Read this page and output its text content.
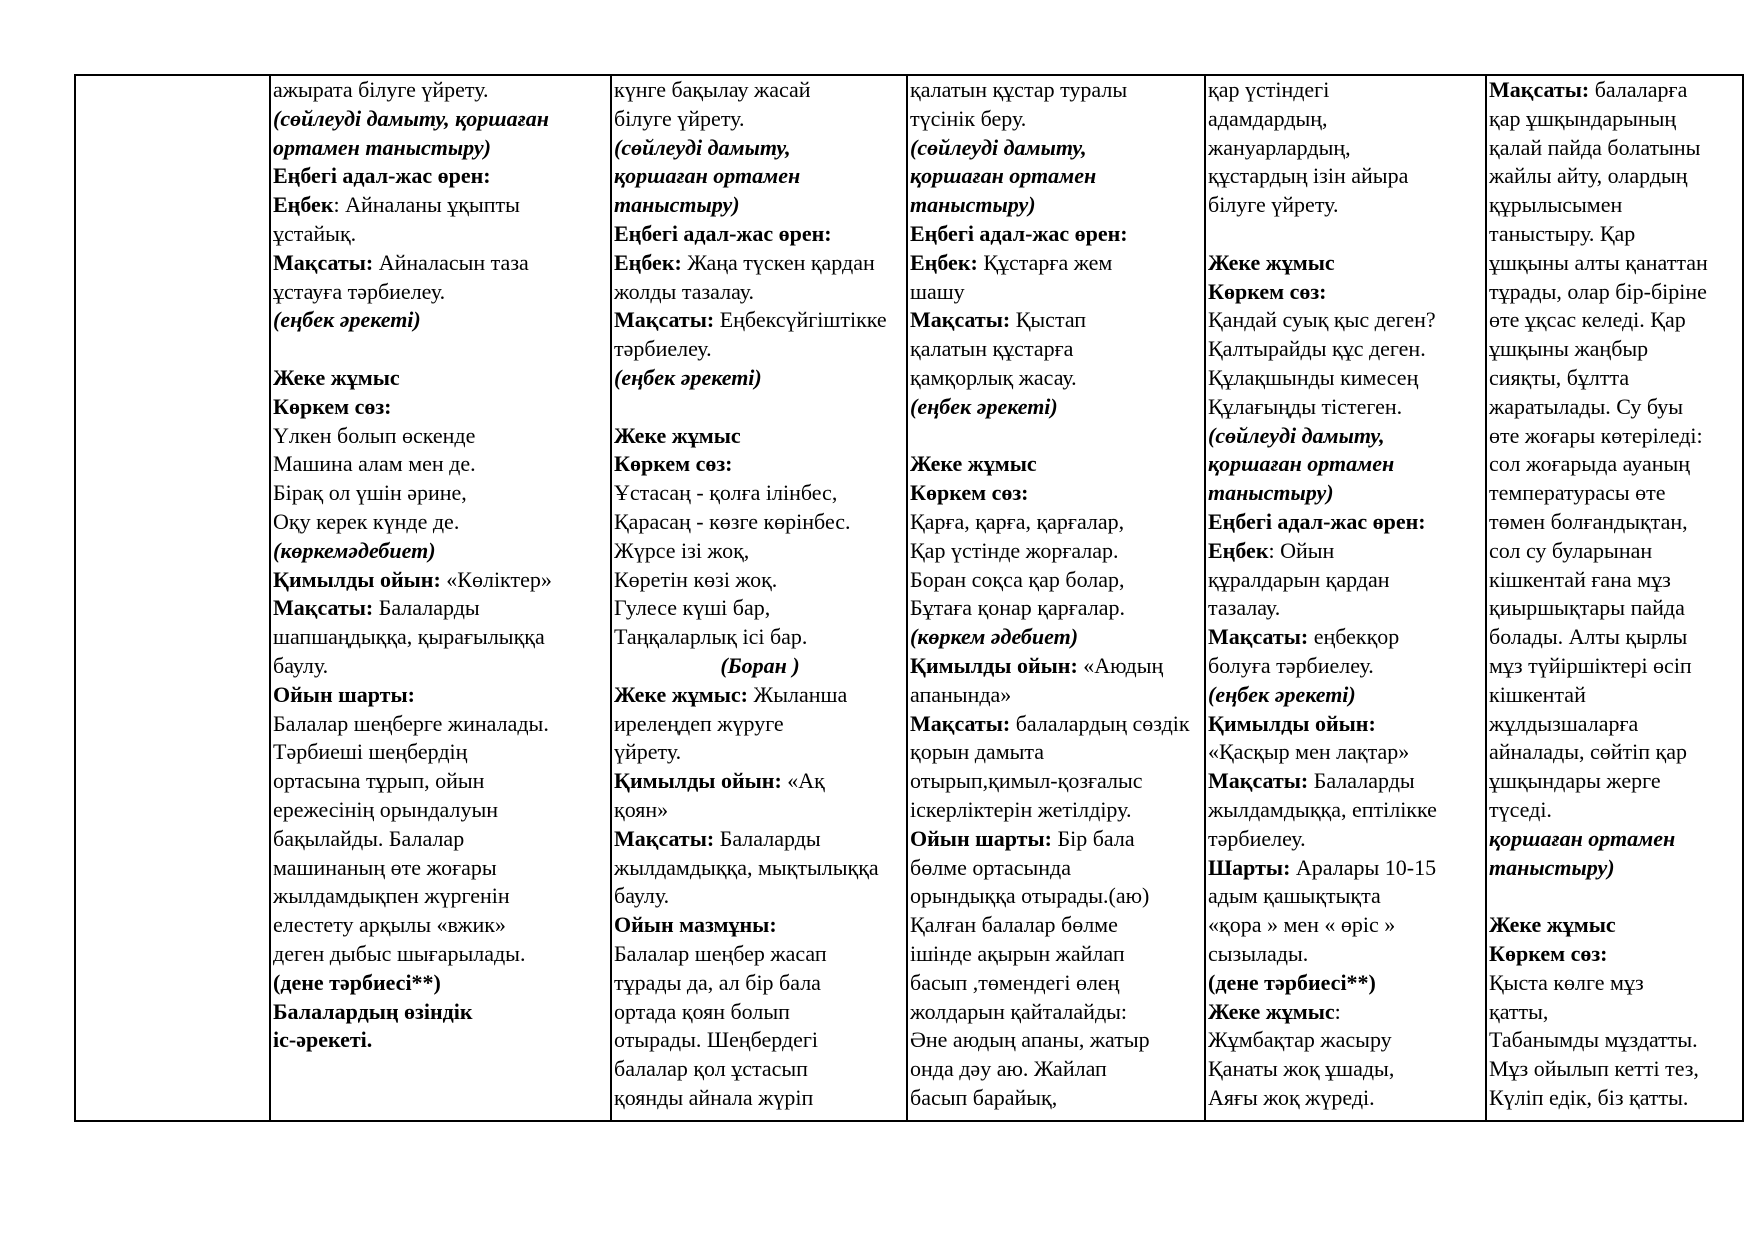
ажырата білуге үйрету.
(сөйлеуді дамыту, қоршаған
ортамен таныстыру)
Еңбегі адал-жас өрен:
Еңбек: Айналаны ұқыпты
ұстайық.
Мақсаты: Айналасын таза
ұстауға тәрбиелеу.
(еңбек әрекеті)
Жеке жұмыс
Көркем сөз:
Үлкен болып өскенде
Машина алам мен де.
Бірақ ол үшін әрине,
Оқу керек күнде де.
(көркемәдебиет)
Қимылды ойын: «Көліктер»
Мақсаты: Балаларды
шапшаңдыққа, қырағылыққа
баулу.
Ойын шарты:
Балалар шеңберге жиналады.
Тәрбиеші шеңбердің
ортасына тұрып, ойын
ережесінің орындалуын
бақылайды. Балалар
машинаның өте жоғары
жылдамдықпен жүргенін
елестету арқылы «вжик»
деген дыбыс шығарылады.
(дене тәрбиесі**)
Балалардың өзіндік
іс-әрекеті.
күнге бақылау жасай
білуге үйрету.
(сөйлеуді дамыту,
қоршаған ортамен
таныстыру)
Еңбегі адал-жас өрен:
Еңбек: Жаңа түскен қардан
жолды тазалау.
Мақсаты: Еңбексүйгіштікке
тәрбиелеу.
(еңбек әрекеті)
Жеке жұмыс
Көркем сөз:
Ұстасаң - қолға ілінбес,
Қарасаң - көзге көрінбес.
Жүрсе ізі жоқ,
Көретін көзі жоқ.
Гулесе күші бар,
Таңқаларлық ісі бар.
(Боран )
Жеке жұмыс: Жыланша
ирелеңдеп жүруге
үйрету.
Қимылды ойын: «Ақ
қоян»
Мақсаты: Балаларды
жылдамдыққа, мықтылыққа
баулу.
Ойын мазмұны:
Балалар шеңбер жасап
тұрады да, ал бір бала
ортада қоян болып
отырады. Шеңбердегі
балалар қол ұстасып
қоянды айнала жүріп
қалатын құстар туралы
түсінік беру.
(сөйлеуді дамыту,
қоршаған ортамен
таныстыру)
Еңбегі адал-жас өрен:
Еңбек: Құстарға жем
шашу
Мақсаты: Қыстап
қалатын құстарға
қамқорлық жасау.
(еңбек әрекеті)
Жеке жұмыс
Көркем сөз:
Қарға, қарға, қарғалар,
Қар үстінде жорғалар.
Боран соқса қар болар,
Бұтаға қонар қарғалар.
(көркем әдебиет)
Қимылды ойын: «Аюдың
апанында»
Мақсаты: балалардың сөздік
қорын дамыта
отырып,қимыл-қозғалыс
іскерліктерін жетілдіру.
Ойын шарты: Бір бала
бөлме ортасында
орындыққа отырады.(аю)
Қалған балалар бөлме
ішінде ақырын жайлап
басып ,төмендегі өлең
жолдарын қайталайды:
Әне аюдың апаны, жатыр
онда дәу аю. Жайлап
басып барайық,
қар үстіндегі
адамдардың,
жануарлардың,
құстардың ізін айыра
білуге үйрету.
Жеке жұмыс
Көркем сөз:
Қандай суық қыс деген?
Қалтырайды құс деген.
Құлақшынды кимесең
Құлағыңды тістеген.
(сөйлеуді дамыту,
қоршаған ортамен
таныстыру)
Еңбегі адал-жас өрен:
Еңбек: Ойын
құралдарын қардан
тазалау.
Мақсаты: еңбекқор
болуға тәрбиелеу.
(еңбек әрекеті)
Қимылды ойын:
«Қасқыр мен лақтар»
Мақсаты: Балаларды
жылдамдыққа, ептілікке
тәрбиелеу.
Шарты: Аралары 10-15
адым қашықтықта
«қора » мен « өріс »
сызылады.
(дене тәрбиесі**)
Жеке жұмыс:
Жұмбақтар жасыру
Қанаты жоқ ұшады,
Аяғы жоқ жүреді.
Мақсаты: балаларға
қар ұшқындарының
қалай пайда болатыны
жайлы айту, олардың
құрылысымен
таныстыру. Қар
ұшқыны алты қанаттан
тұрады, олар бір-біріне
өте ұқсас келеді. Қар
ұшқыны жаңбыр
сияқты, бұлтта
жаратылады. Су буы
өте жоғары көтеріледі:
сол жоғарыда ауаның
температурасы өте
төмен болғандықтан,
сол су буларынан
кішкентай ғана мұз
қиыршықтары пайда
болады. Алты қырлы
мұз түйіршіктері өсіп
кішкентай
жұлдызшаларға
айналады, сөйтіп қар
ұшқындары жерге
түседі.
қоршаған ортамен
таныстыру)
Жеке жұмыс
Көркем сөз:
Қыста көлге мұз
қатты,
Табанымды мұздатты.
Мұз ойылып кетті тез,
Күліп едік, біз қатты.
